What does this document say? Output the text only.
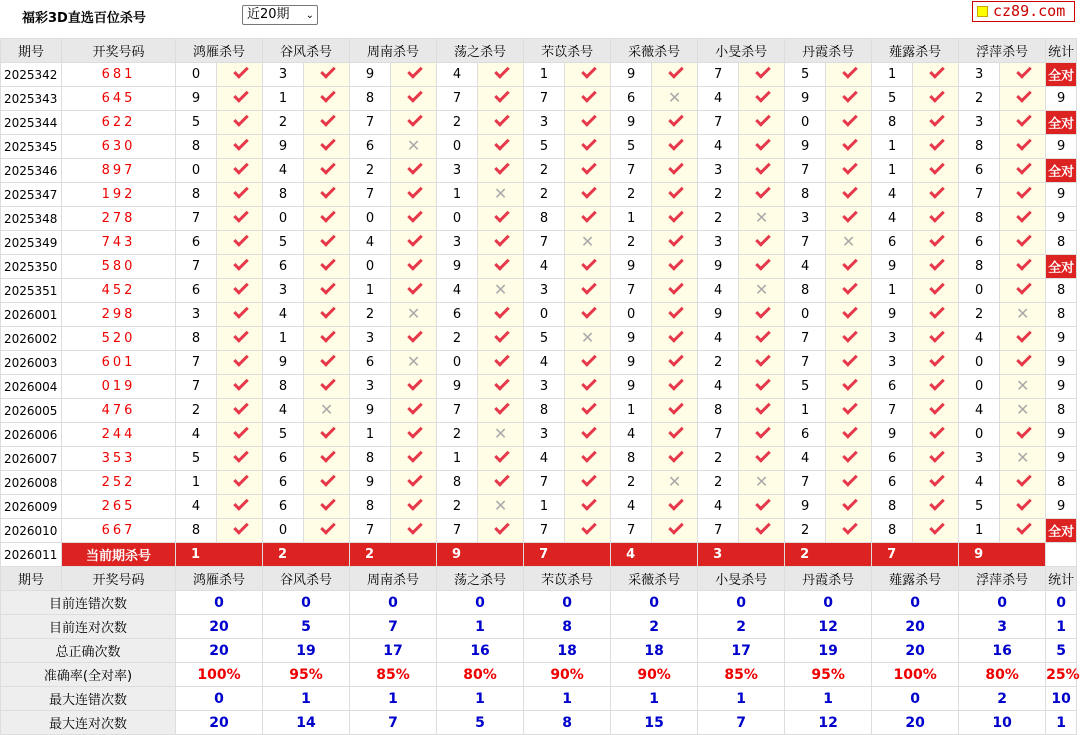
福彩3D直选百位杀号	近20期 ⌄	cz89.com
期号	开奖号码	鸿雁杀号		谷风杀号		周南杀号		荡之杀号		芣苡杀号		采薇杀号		小旻杀号		丹霞杀号		薤露杀号		浮萍杀号		统计
2025342	681	0		3		9		4		1		9		7		5		1		3		全对
2025343	645	9		1		8		7		7		6	✕	4		9		5		2		9
2025344	622	5		2		7		2		3		9		7		0		8		3		全对
2025345	630	8		9		6	✕	0		5		5		4		9		1		8		9
2025346	897	0		4		2		3		2		7		3		7		1		6		全对
2025347	192	8		8		7		1	✕	2		2		2		8		4		7		9
2025348	278	7		0		0		0		8		1		2	✕	3		4		8		9
2025349	743	6		5		4		3		7	✕	2		3		7	✕	6		6		8
2025350	580	7		6		0		9		4		9		9		4		9		8		全对
2025351	452	6		3		1		4	✕	3		7		4	✕	8		1		0		8
2026001	298	3		4		2	✕	6		0		0		9		0		9		2	✕	8
2026002	520	8		1		3		2		5	✕	9		4		7		3		4		9
2026003	601	7		9		6	✕	0		4		9		2		7		3		0		9
2026004	019	7		8		3		9		3		9		4		5		6		0	✕	9
2026005	476	2		4	✕	9		7		8		1		8		1		7		4	✕	8
2026006	244	4		5		1		2	✕	3		4		7		6		9		0		9
2026007	353	5		6		8		1		4		8		2		4		6		3	✕	9
2026008	252	1		6		9		8		7		2	✕	2	✕	7		6		4		8
2026009	265	4		6		8		2	✕	1		4		4		9		8		5		9
2026010	667	8		0		7		7		7		7		7		2		8		1		全对
2026011	当前期杀号	1		2		2		9		7		4		3		2		7		9		
期号	开奖号码	鸿雁杀号		谷风杀号		周南杀号		荡之杀号		芣苡杀号		采薇杀号		小旻杀号		丹霞杀号		薤露杀号		浮萍杀号		统计
目前连错次数		0		0		0		0		0		0		0		0		0		0		0
目前连对次数		20		5		7		1		8		2		2		12		20		3		1
总正确次数		20		19		17		16		18		18		17		19		20		16		5
准确率(全对率)		100%		95%		85%		80%		90%		90%		85%		95%		100%		80%		25%
最大连错次数		0		1		1		1		1		1		1		1		0		2		10
最大连对次数		20		14		7		5		8		15		7		12		20		10		1
